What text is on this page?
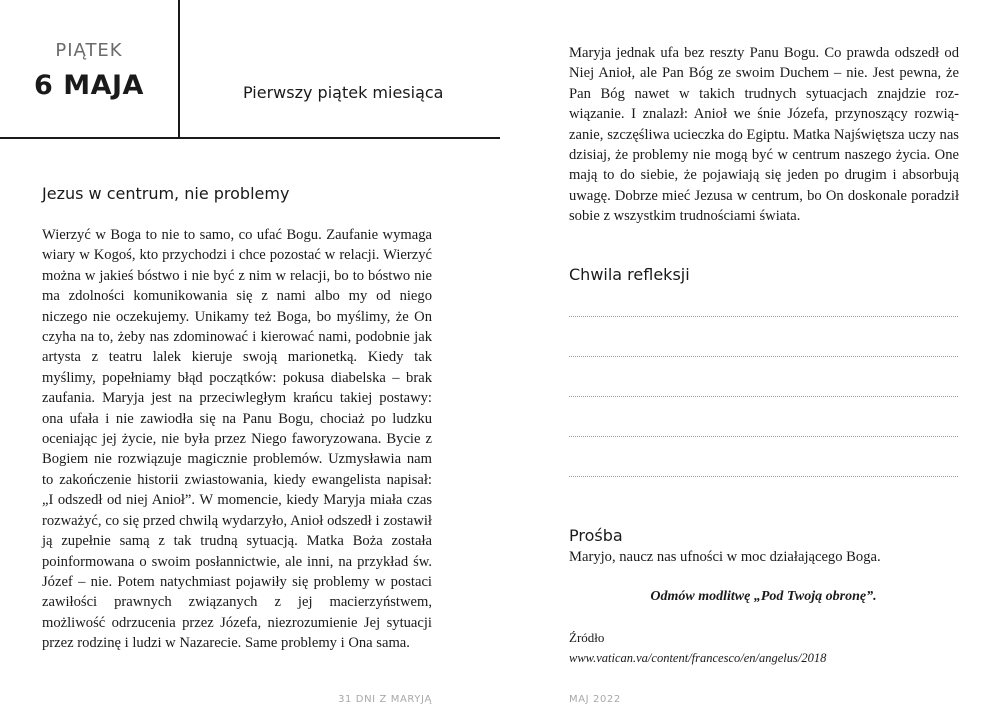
PIĄTEK
6 MAJA	Pierwszy piątek miesiąca
Jezus w centrum, nie problemy

Wierzyć w Boga to nie to samo, co ufać Bogu. Zaufanie wymaga wiary w Kogoś, kto przychodzi i chce pozostać w relacji. Wierzyć można w jakieś bóstwo i nie być z nim w relacji, bo to bóstwo nie ma zdolności komunikowania się z nami albo my od niego niczego nie oczekujemy. Unikamy też Boga, bo myślimy, że On czyha na to, żeby nas zdominować i kierować nami, podobnie jak artysta z teatru lalek kieruje swoją marionetką. Kiedy tak myślimy, popełniamy błąd początków: pokusa diabelska – brak zaufania. Maryja jest na przeciwległym krańcu takiej postawy: ona ufała i nie zawiodła się na Panu Bogu, chociaż po ludzku oceniając jej życie, nie była przez Niego faworyzowana. Bycie z Bogiem nie rozwiązuje magicznie problemów. Uzmysławia nam to zakończenie historii zwiastowania, kiedy ewangelista napisał: „I odszedł od niej Anioł”. W momencie, kiedy Maryja miała czas rozważyć, co się przed chwilą wydarzyło, Anioł odszedł i zostawił ją zupełnie samą z tak trudną sytuacją. Matka Boża została poinformowana o swoim posłannictwie, ale inni, na przykład św. Józef – nie. Potem natychmiast pojawiły się problemy w postaci zawiłości prawnych związanych z jej macierzyństwem, możliwość odrzucenia przez Józefa, niezrozumienie Jej sytuacji przez rodzinę i ludzi w Nazarecie. Same problemy i Ona sama.

31 DNI Z MARYJĄ

Maryja jednak ufa bez reszty Panu Bogu. Co prawda odszedł od Niej Anioł, ale Pan Bóg ze swoim Duchem – nie. Jest pewna, że Pan Bóg nawet w takich trudnych sytuacjach znajdzie rozwiązanie. I znalazł: Anioł we śnie Józefa, przynoszący rozwiązanie, szczęśliwa ucieczka do Egiptu. Matka Najświętsza uczy nas dzisiaj, że problemy nie mogą być w centrum naszego życia. One mają to do siebie, że pojawiają się jeden po drugim i absorbują uwagę. Dobrze mieć Jezusa w centrum, bo On doskonale poradził sobie z wszystkim trudnościami świata.

Chwila refleksji
Prośba
Maryjo, naucz nas ufności w moc działającego Boga.
Odmów modlitwę „Pod Twoją obronę”.
Źródło
www.vatican.va/content/francesco/en/angelus/2018
MAJ 2022
